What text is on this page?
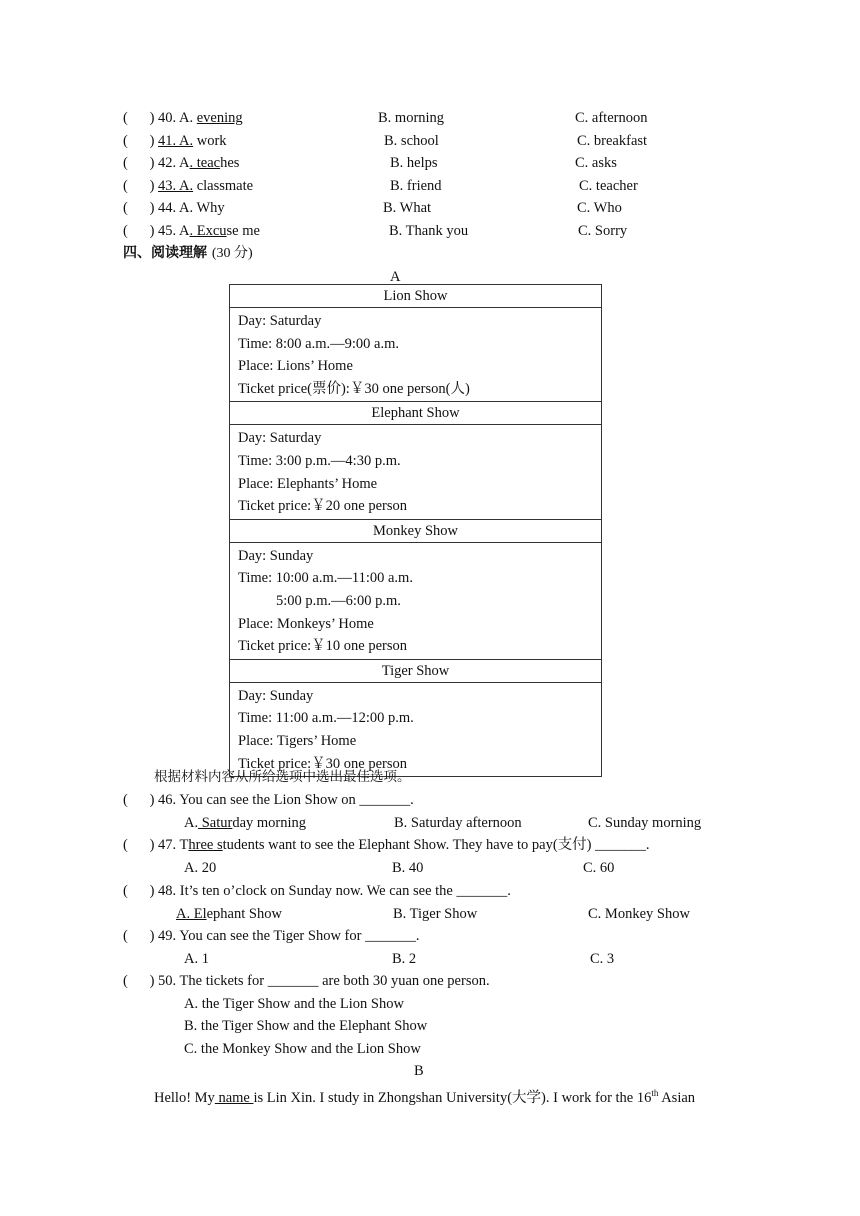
(      ) 40. A. evening	B. morning	C. afternoon
(      ) 41. A. work	B. school	C. breakfast
(      ) 42. A. teaches	B. helps	C. asks
(      ) 43. A. classmate	B. friend	C. teacher
(      ) 44. A. Why	B. What	C. Who
(      ) 45. A. Excuse me	B. Thank you	C. Sorry
四、阅读理解 (30 分)
A
Lion Show

Day: Saturday
Time: 8:00 a.m.—9:00 a.m.
Place: Lions’ Home
Ticket price(票价):￥30 one person(人)

Elephant Show

Day: Saturday
Time: 3:00 p.m.—4:30 p.m.
Place: Elephants’ Home
Ticket price:￥20 one person

Monkey Show

Day: Sunday
Time: 10:00 a.m.—11:00 a.m.
5:00 p.m.—6:00 p.m.
Place: Monkeys’ Home
Ticket price:￥10 one person

Tiger Show

Day: Sunday
Time: 11:00 a.m.—12:00 p.m.
Place: Tigers’ Home
Ticket price:￥30 one person
根据材料内容从所给选项中选出最佳选项。
( ) 46. You can see the Lion Show on _______.
A. Saturday morning	B. Saturday afternoon	C. Sunday morning
( ) 47. Three students want to see the Elephant Show. They have to pay(支付) _______.
A. 20	B. 40	C. 60
( ) 48. It’s ten o’clock on Sunday now. We can see the _______.
A. Elephant Show	B. Tiger Show	C. Monkey Show
( ) 49. You can see the Tiger Show for _______.
A. 1	B. 2	C. 3
( ) 50. The tickets for _______ are both 30 yuan one person.
A. the Tiger Show and the Lion Show
B. the Tiger Show and the Elephant Show
C. the Monkey Show and the Lion Show
B
Hello! My name is Lin Xin. I study in Zhongshan University(大学). I work for the 16th Asian
